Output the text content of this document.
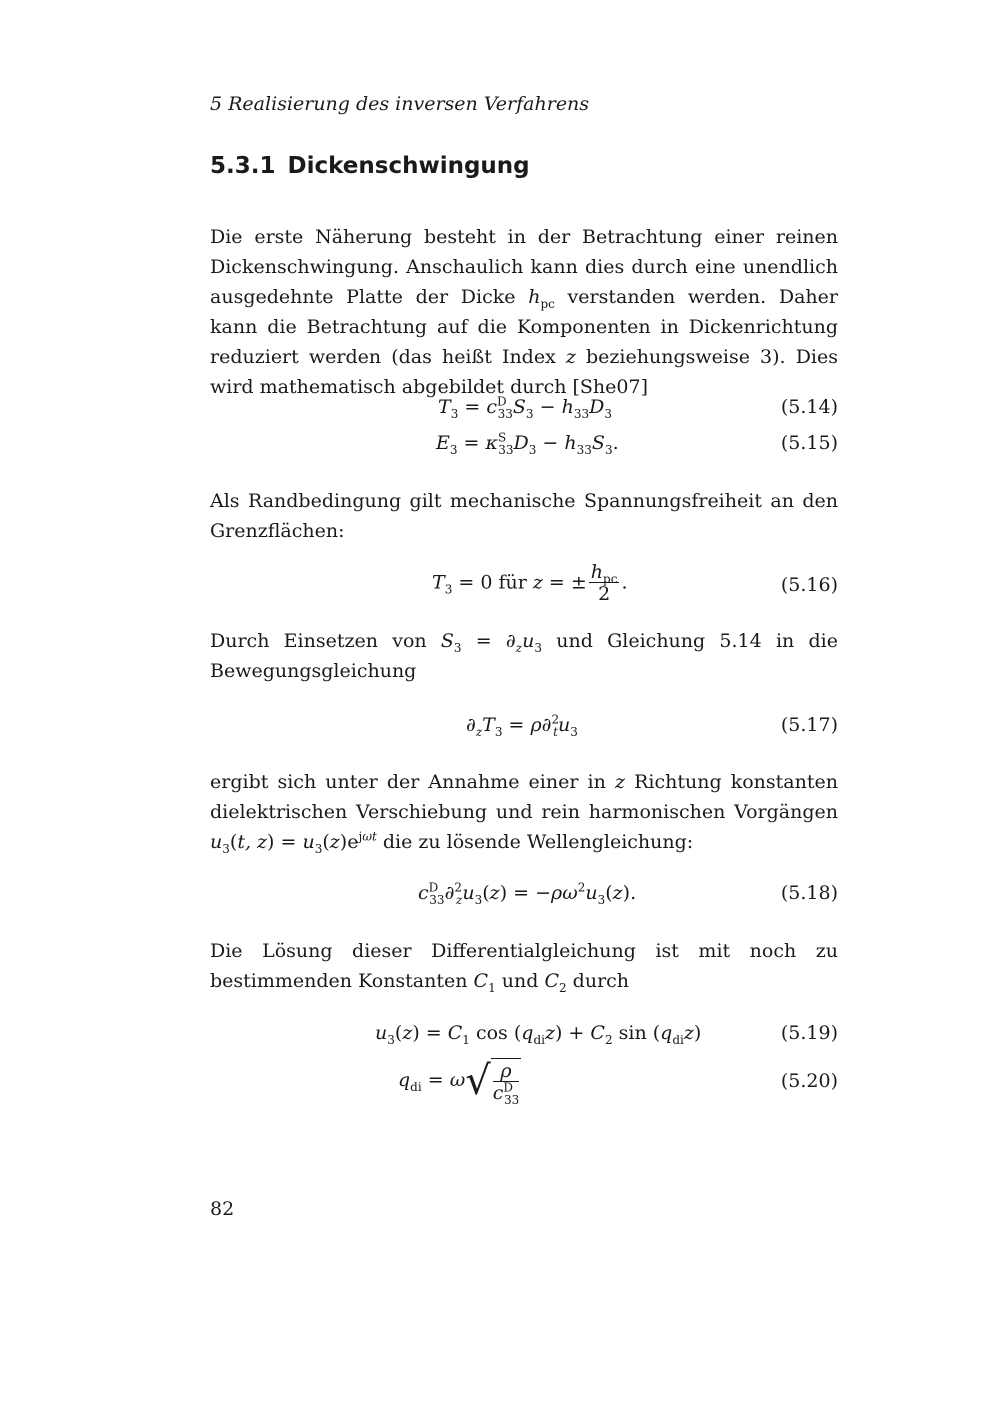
5 Realisierung des inversen Verfahrens
5.3.1 Dickenschwingung
Die erste Näherung besteht in der Betrachtung einer reinen Dickenschwingung. Anschaulich kann dies durch eine unendlich ausgedehnte Platte der Dicke $h_{pc}$ verstanden werden. Daher kann die Betrachtung auf die Komponenten in Dickenrichtung reduziert werden (das heißt Index z beziehungsweise 3). Dies wird mathematisch abgebildet durch [She07]
$T_3 = c^D_{33}S_3 - h_{33}D_3$	(5.14)
$E_3 = \kappa^S_{33}D_3 - h_{33}S_3$.	(5.15)
Als Randbedingung gilt mechanische Spannungsfreiheit an den Grenzflächen:
$T_3 = 0$ für z = ± $\frac{h_{pc}}{2}$ .	(5.16)
Durch Einsetzen von $S_3 = \partial_zu_3$ und Gleichung 5.14 in die Bewegungsgleichung
$\partial_zT_3 = \rho\partial^2_tu_3$	(5.17)
ergibt sich unter der Annahme einer in z Richtung konstanten dielektrischen Verschiebung und rein harmonischen Vorgängen $u_3(t$, $z) = u_3(z)e^{j\omega t}$ die zu lösende Wellengleichung:
$c^D_{33}\partial^2_zu_3(z) = -\rho\omega^2u_3(z)$.	(5.18)
Die Lösung dieser Differentialgleichung ist mit noch zu bestimmenden Konstanten $C_1$ und $C_2$ durch
$u_3(z) = C_1$ $\cos (q_{di}z) + C_2$ $\sin (q_{di}z)$	(5.19)
$q_{di} = \omega√ \frac{\rho}{c^D_{33}}$	(5.20)
82
